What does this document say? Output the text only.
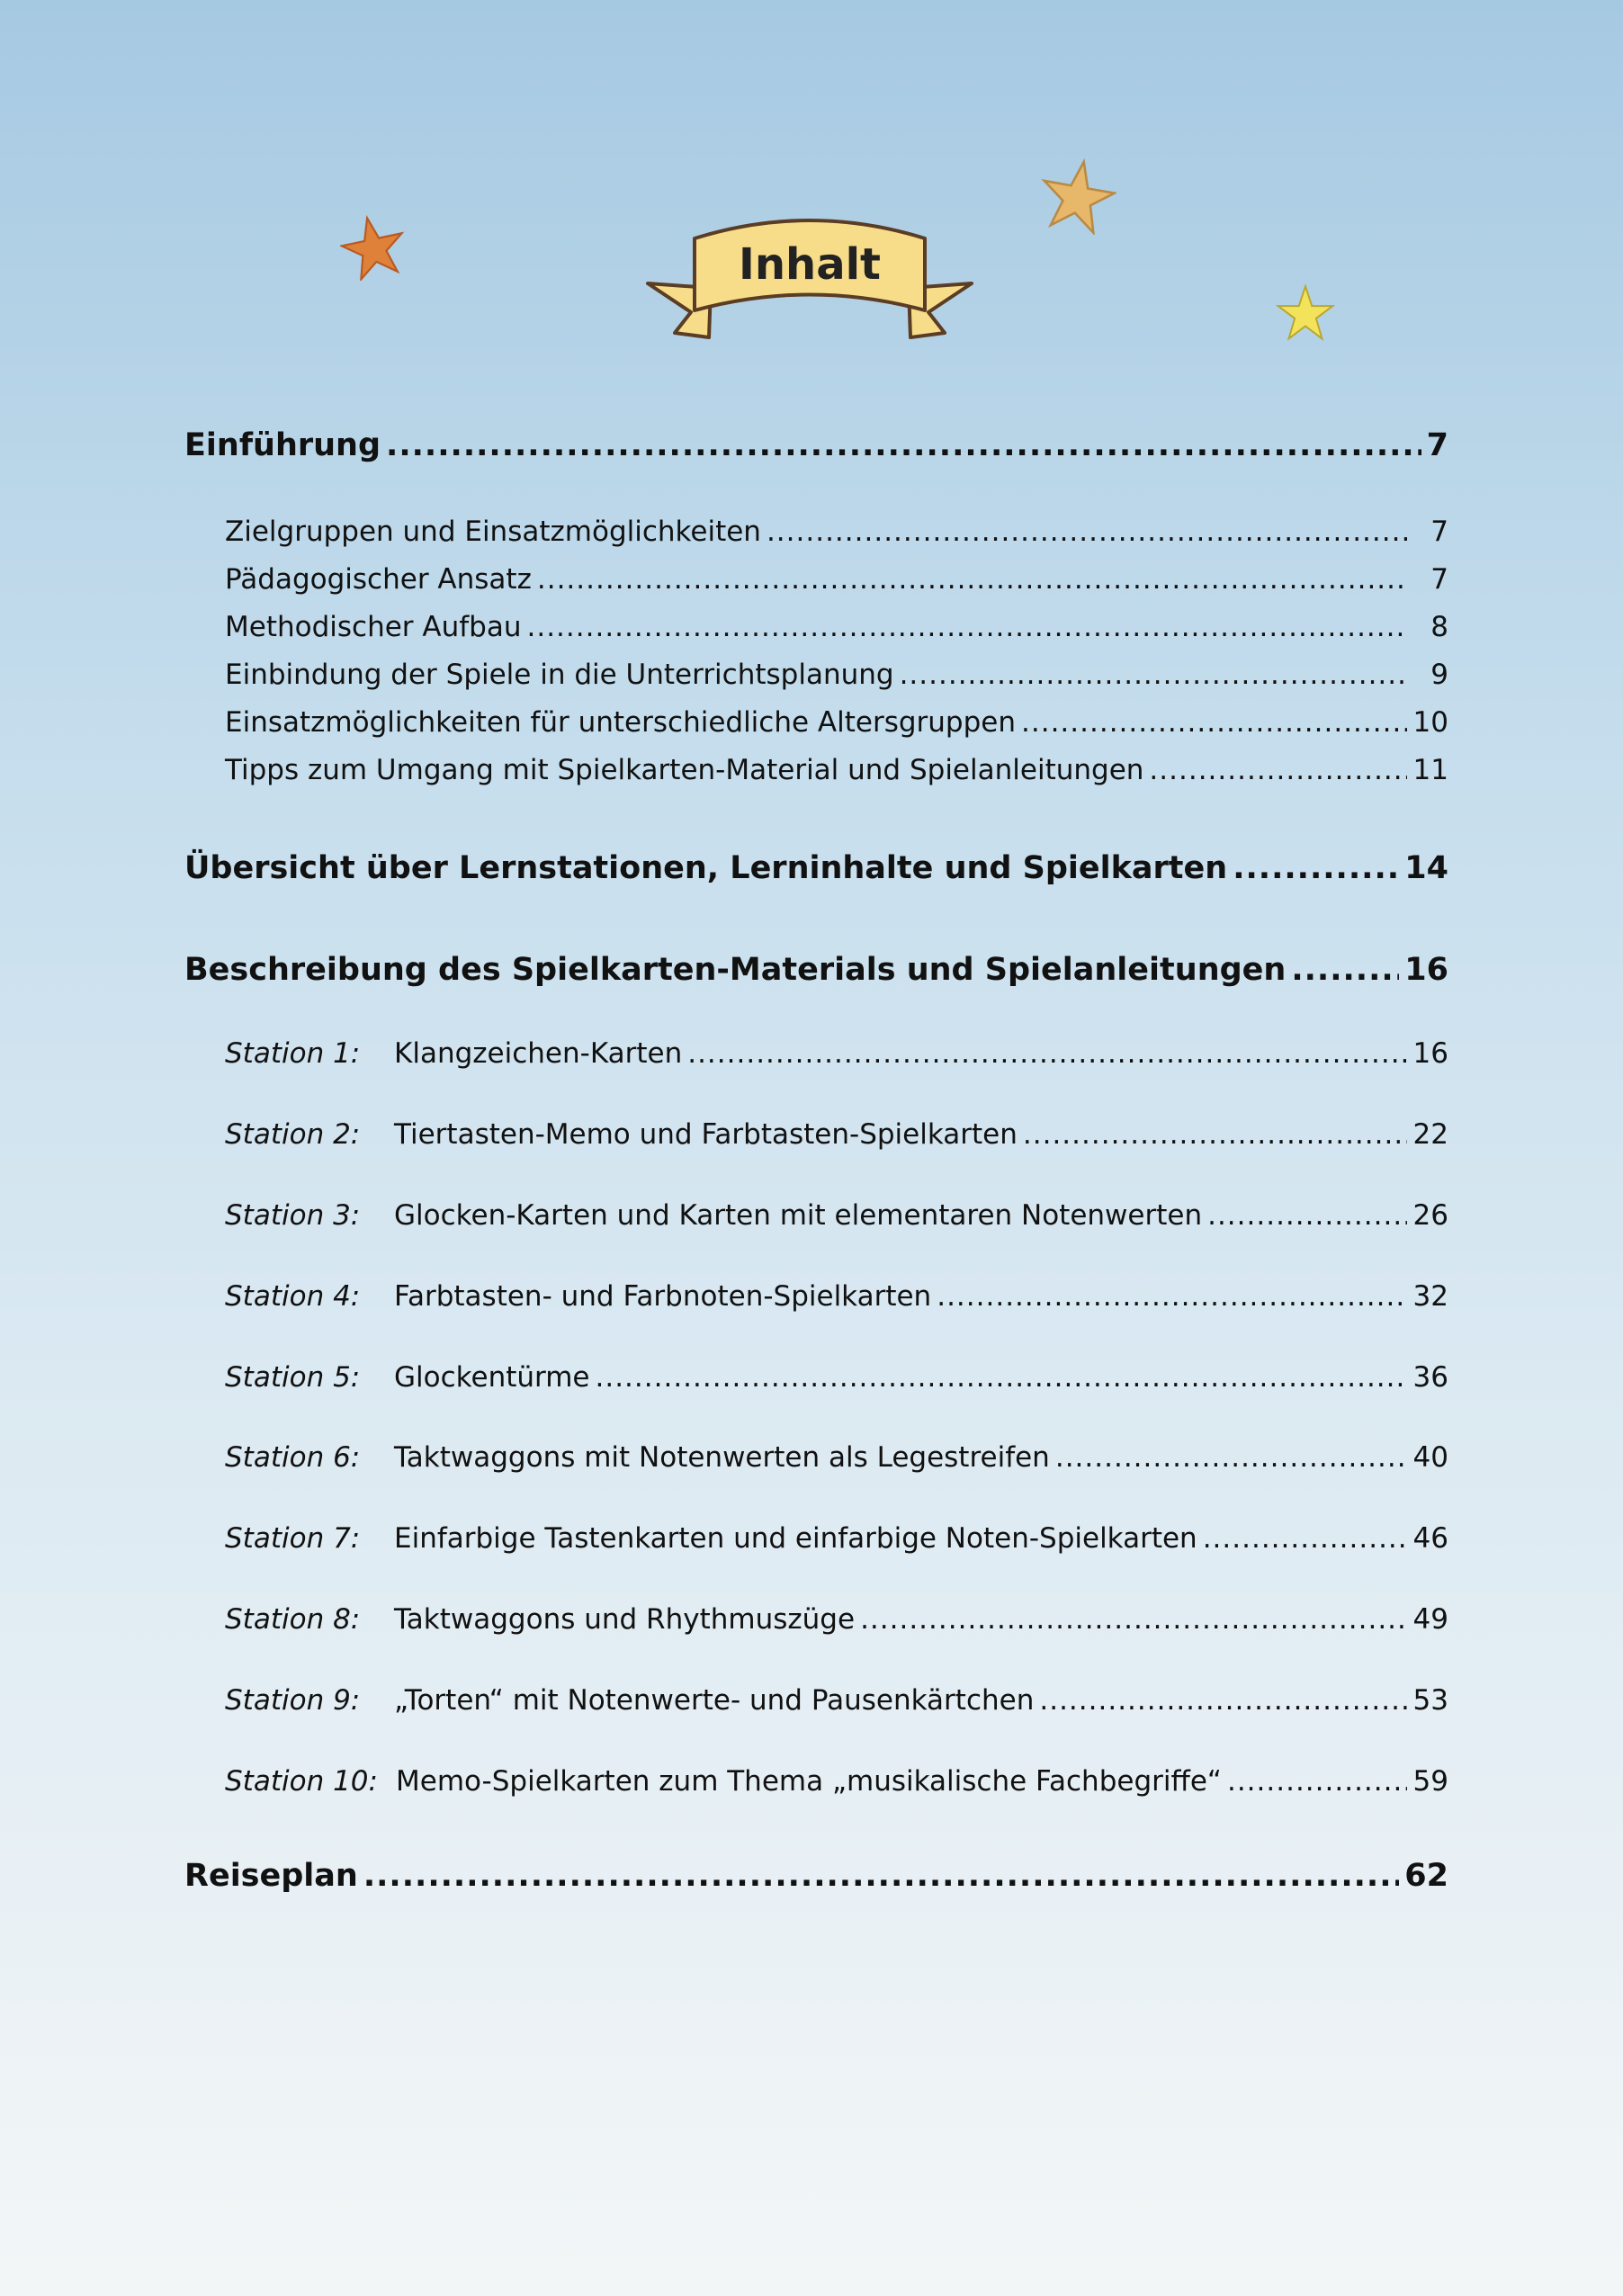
Inhalt
Einführung .....	7
Zielgruppen und Einsatzmöglichkeiten .....	7
Pädagogischer Ansatz .....	7
Methodischer Aufbau .....	8
Einbindung der Spiele in die Unterrichtsplanung .....	9
Einsatzmöglichkeiten für unterschiedliche Altersgruppen .....	10
Tipps zum Umgang mit Spielkarten-Material und Spielanleitungen .....	11
Übersicht über Lernstationen, Lerninhalte und Spielkarten .....	14
Beschreibung des Spielkarten-Materials und Spielanleitungen .....	16
Station 1:	Klangzeichen-Karten .....	16
Station 2:	Tiertasten-Memo und Farbtasten-Spielkarten .....	22
Station 3:	Glocken-Karten und Karten mit elementaren Notenwerten .....	26
Station 4:	Farbtasten- und Farbnoten-Spielkarten .....	32
Station 5:	Glockentürme .....	36
Station 6:	Taktwaggons mit Notenwerten als Legestreifen .....	40
Station 7:	Einfarbige Tastenkarten und einfarbige Noten-Spielkarten .....	46
Station 8:	Taktwaggons und Rhythmuszüge .....	49
Station 9:	„Torten“ mit Notenwerte- und Pausenkärtchen .....	53
Station 10: Memo-Spielkarten zum Thema „musikalische Fachbegriffe“ .....	59
Reiseplan .....	62
